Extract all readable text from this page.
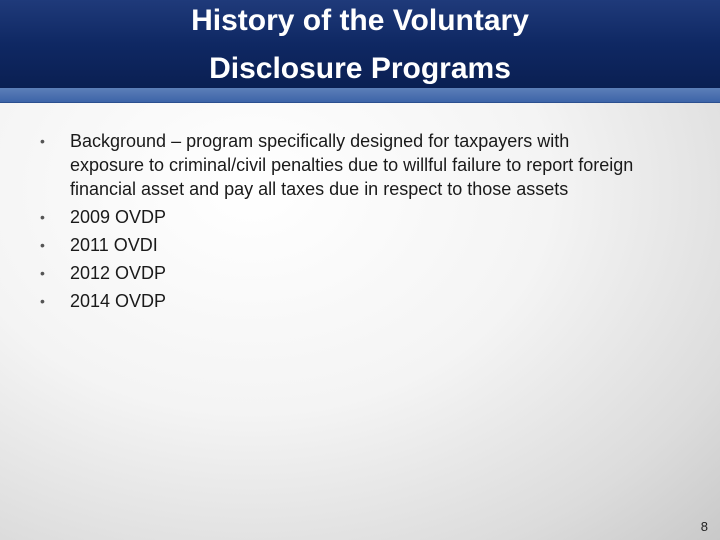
History of the Voluntary
Disclosure Programs
• Background – program specifically designed for taxpayers with exposure to criminal/civil penalties due to willful failure to report foreign financial asset and pay all taxes due in respect to those assets
• 2009 OVDP
• 2011 OVDI
• 2012 OVDP
• 2014 OVDP
8
